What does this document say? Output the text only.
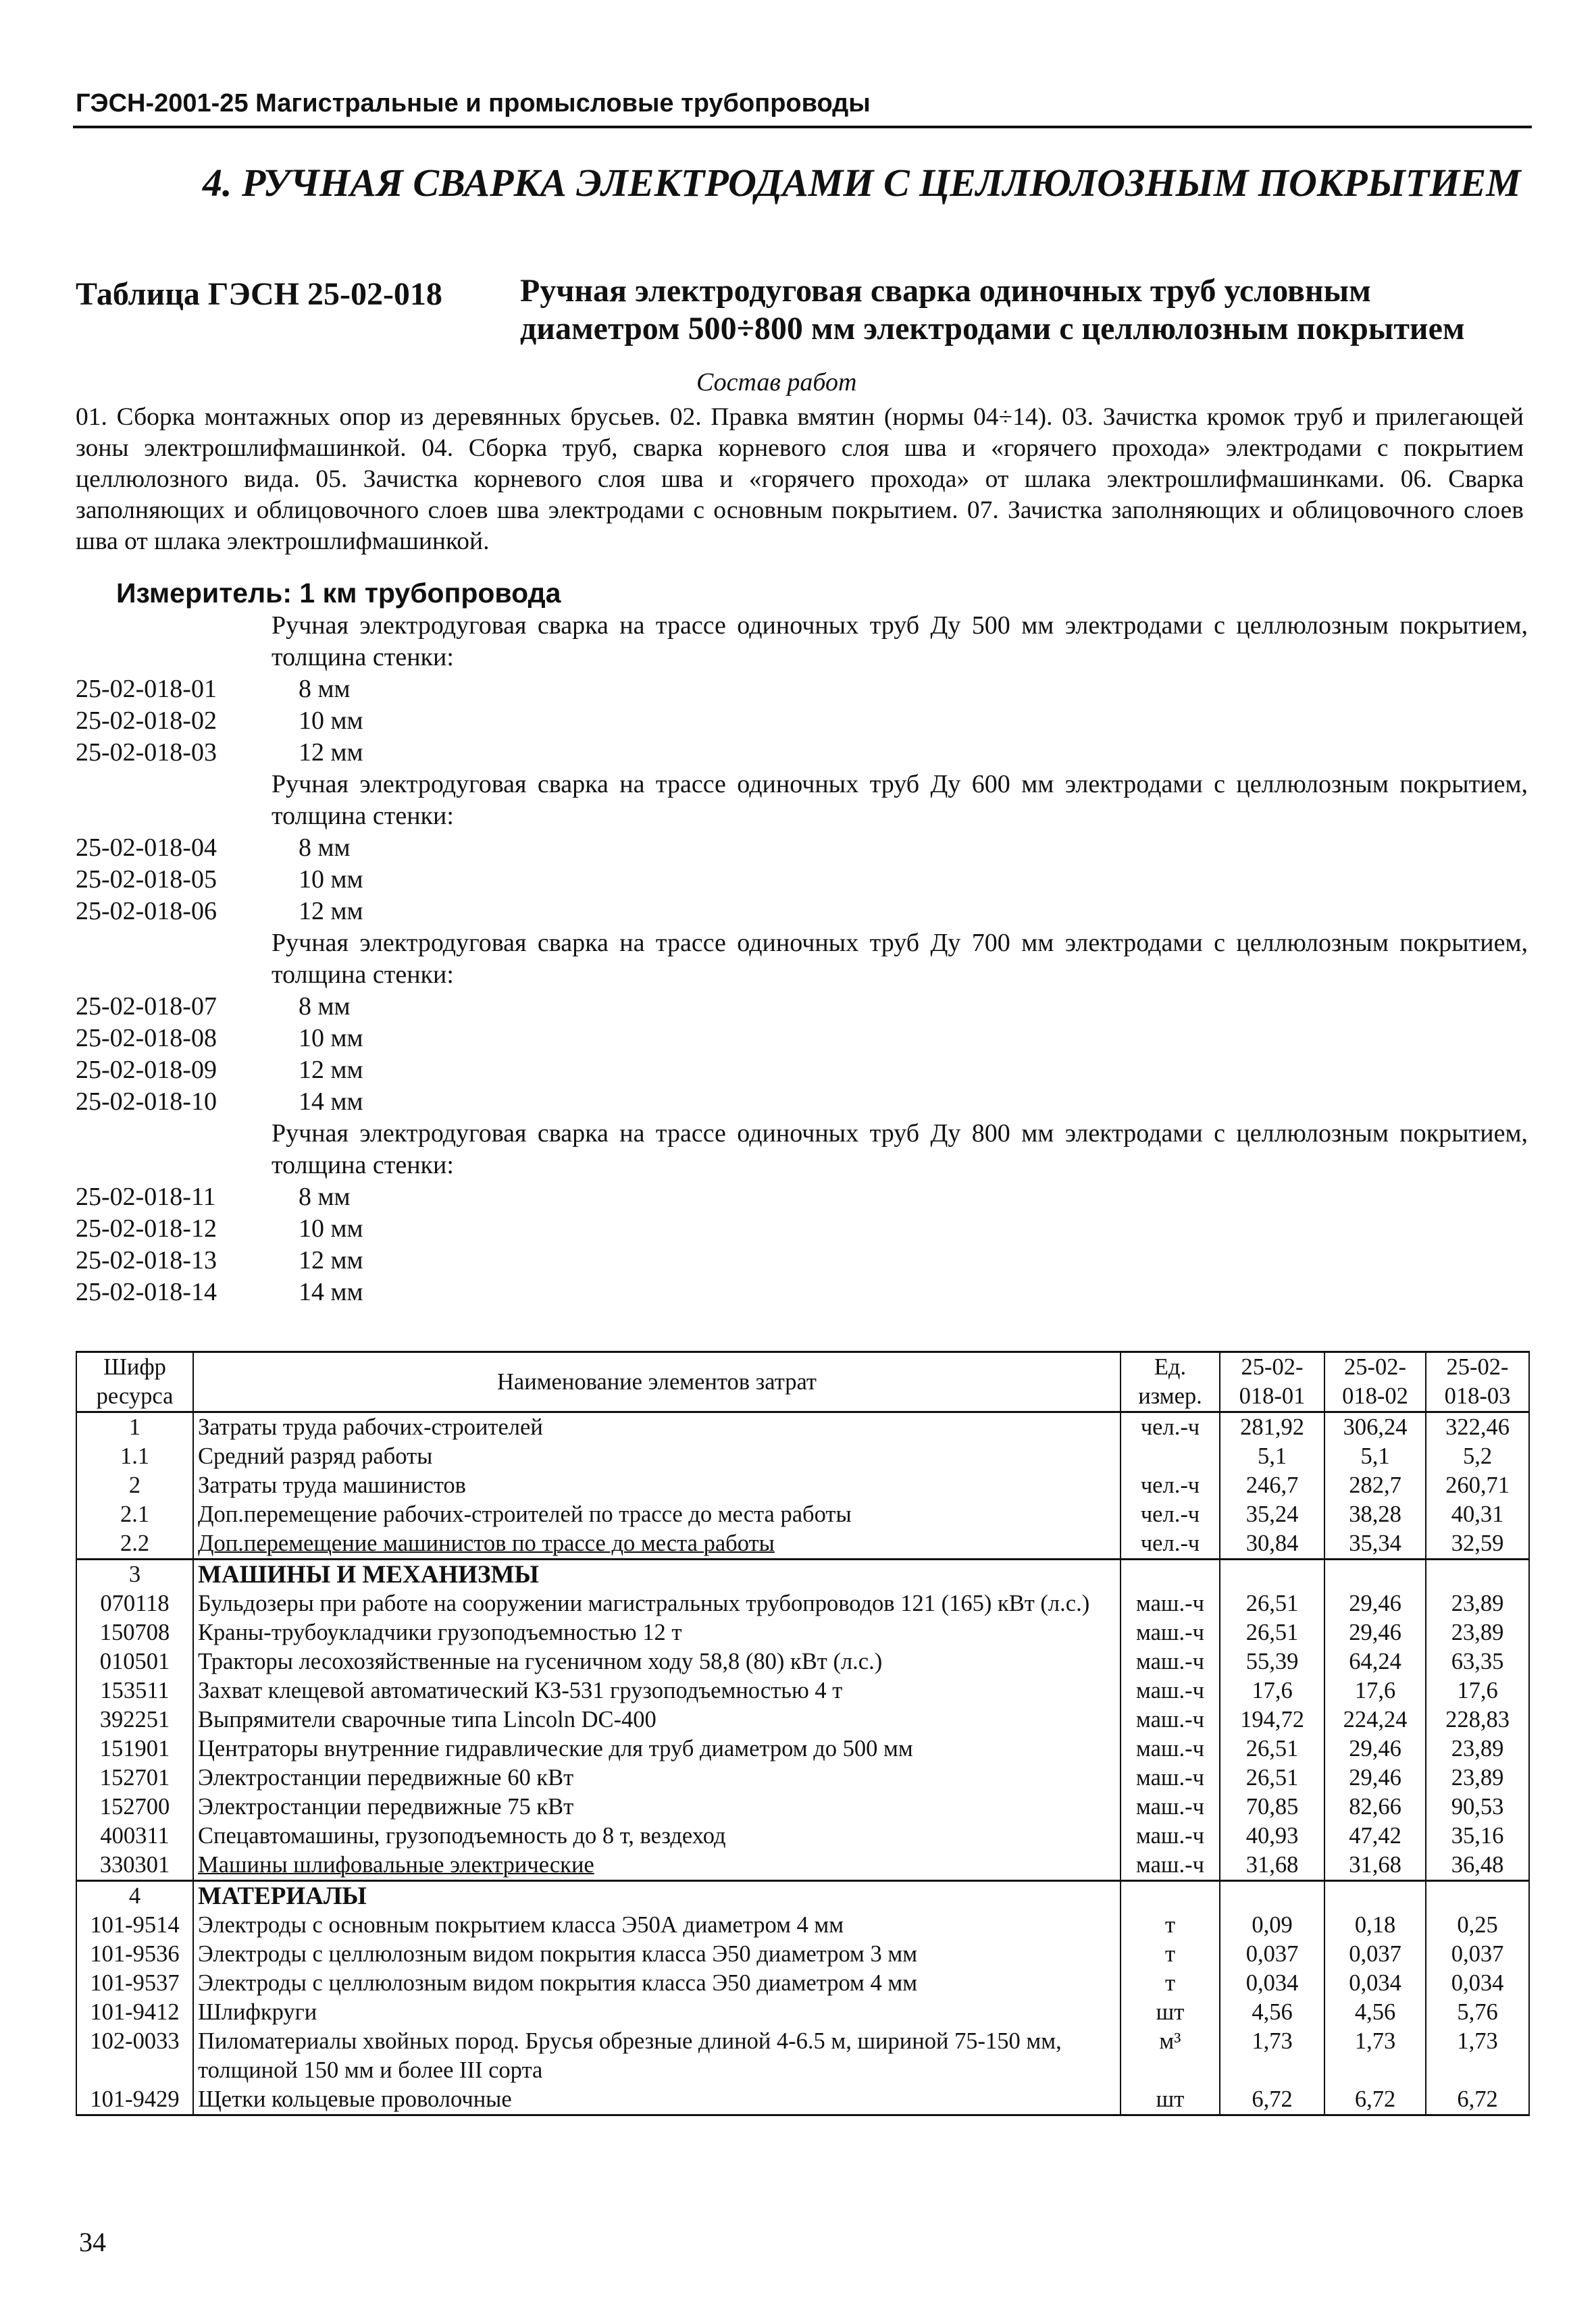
ГЭСН-2001-25 Магистральные и промысловые трубопроводы
4. РУЧНАЯ СВАРКА ЭЛЕКТРОДАМИ С ЦЕЛЛЮЛОЗНЫМ ПОКРЫТИЕМ
Таблица ГЭСН 25-02-018 Ручная электродуговая сварка одиночных труб условным диаметром 500÷800 мм электродами с целлюлозным покрытием
Состав работ
01. Сборка монтажных опор из деревянных брусьев. 02. Правка вмятин (нормы 04÷14). 03. Зачистка кромок труб и прилегающей зоны электрошлифмашинкой. 04. Сборка труб, сварка корневого слоя шва и «горячего прохода» электродами с покрытием целлюлозного вида. 05. Зачистка корневого слоя шва и «горячего прохода» от шлака электрошлифмашинками. 06. Сварка заполняющих и облицовочного слоев шва электродами с основным покрытием. 07. Зачистка заполняющих и облицовочного слоев шва от шлака электрошлифмашинкой.
Измеритель: 1 км трубопровода
Ручная электродуговая сварка на трассе одиночных труб Ду 500 мм электродами с целлюлозным покрытием, толщина стенки:
25-02-018-01	8 мм
25-02-018-02	10 мм
25-02-018-03	12 мм
Ручная электродуговая сварка на трассе одиночных труб Ду 600 мм электродами с целлюлозным покрытием, толщина стенки:
25-02-018-04	8 мм
25-02-018-05	10 мм
25-02-018-06	12 мм
Ручная электродуговая сварка на трассе одиночных труб Ду 700 мм электродами с целлюлозным покрытием, толщина стенки:
25-02-018-07	8 мм
25-02-018-08	10 мм
25-02-018-09	12 мм
25-02-018-10	14 мм
Ручная электродуговая сварка на трассе одиночных труб Ду 800 мм электродами с целлюлозным покрытием, толщина стенки:
25-02-018-11	8 мм
25-02-018-12	10 мм
25-02-018-13	12 мм
25-02-018-14	14 мм
Шифр ресурса	Наименование элементов затрат	Ед. измер.	25-02-018-01	25-02-018-02	25-02-018-03
1	Затраты труда рабочих-строителей	чел.-ч	281,92	306,24	322,46
1.1	Средний разряд работы		5,1	5,1	5,2
2	Затраты труда машинистов	чел.-ч	246,7	282,7	260,71
2.1	Доп.перемещение рабочих-строителей по трассе до места работы	чел.-ч	35,24	38,28	40,31
2.2	Доп.перемещение машинистов по трассе до места работы	чел.-ч	30,84	35,34	32,59
3	МАШИНЫ И МЕХАНИЗМЫ				
070118	Бульдозеры при работе на сооружении магистральных трубопроводов 121 (165) кВт (л.с.)	маш.-ч	26,51	29,46	23,89
150708	Краны-трубоукладчики грузоподъемностью 12 т	маш.-ч	26,51	29,46	23,89
010501	Тракторы лесохозяйственные на гусеничном ходу 58,8 (80) кВт (л.с.)	маш.-ч	55,39	64,24	63,35
153511	Захват клещевой автоматический КЗ-531 грузоподъемностью 4 т	маш.-ч	17,6	17,6	17,6
392251	Выпрямители сварочные типа Lincoln DC-400	маш.-ч	194,72	224,24	228,83
151901	Центраторы внутренние гидравлические для труб диаметром до 500 мм	маш.-ч	26,51	29,46	23,89
152701	Электростанции передвижные 60 кВт	маш.-ч	26,51	29,46	23,89
152700	Электростанции передвижные 75 кВт	маш.-ч	70,85	82,66	90,53
400311	Спецавтомашины, грузоподъемность до 8 т, вездеход	маш.-ч	40,93	47,42	35,16
330301	Машины шлифовальные электрические	маш.-ч	31,68	31,68	36,48
4	МАТЕРИАЛЫ				
101-9514	Электроды с основным покрытием класса Э50А диаметром 4 мм	т	0,09	0,18	0,25
101-9536	Электроды с целлюлозным видом покрытия класса Э50 диаметром 3 мм	т	0,037	0,037	0,037
101-9537	Электроды с целлюлозным видом покрытия класса Э50 диаметром 4 мм	т	0,034	0,034	0,034
101-9412	Шлифкруги	шт	4,56	4,56	5,76
102-0033	Пиломатериалы хвойных пород. Брусья обрезные длиной 4-6.5 м, шириной 75-150 мм, толщиной 150 мм и более III сорта	м³	1,73	1,73	1,73
101-9429	Щетки кольцевые проволочные	шт	6,72	6,72	6,72
34
